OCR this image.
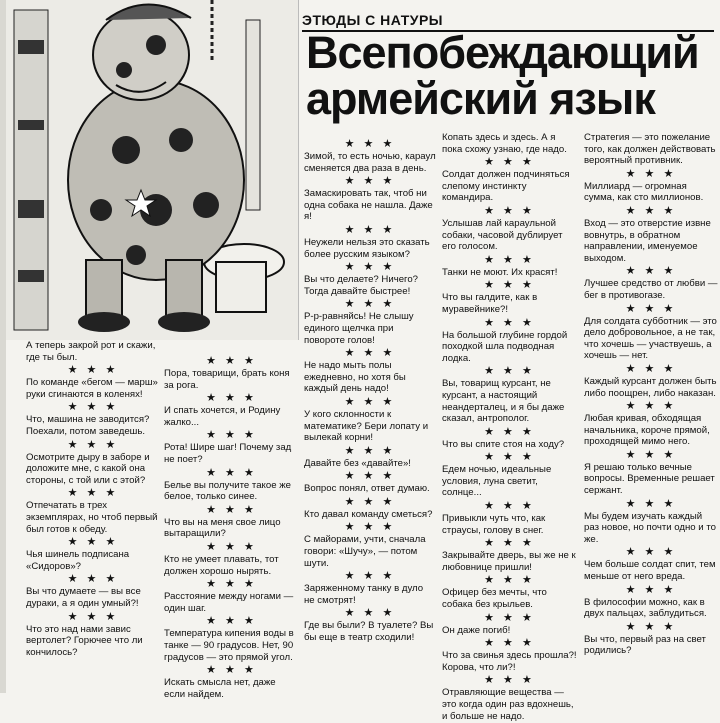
ЭТЮДЫ С НАТУРЫ
Всепобеждающий
армейский язык

А теперь закрой рот и скажи, где ты был.

★ ★ ★

По команде «бегом — марш» руки сгинаются в коленях!

★ ★ ★

Что, машина не заводится? Поехали, потом заведешь.

★ ★ ★

Осмотрите дыру в заборе и доложите мне, с какой она стороны, с той или с этой?

★ ★ ★

Отпечатать в трех экземплярах, но чтоб первый был готов к обеду.

★ ★ ★

Чья шинель подписана «Сидоров»?

★ ★ ★

Вы что думаете — вы все дураки, а я один умный?!

★ ★ ★

Что это над нами завис вертолет? Горючее что ли кончилось?

★ ★ ★

Пора, товарищи, брать коня за рога.

★ ★ ★

И спать хочется, и Родину жалко...

★ ★ ★

Рота! Шире шаг! Почему зад не поет?

★ ★ ★

Белье вы получите такое же белое, только синее.

★ ★ ★

Что вы на меня свое лицо вытаращили?

★ ★ ★

Кто не умеет плавать, тот должен хорошо нырять.

★ ★ ★

Расстояние между ногами — один шаг.

★ ★ ★

Температура кипения воды в танке — 90 градусов. Нет, 90 градусов — это прямой угол.

★ ★ ★

Искать смысла нет, даже если найдем.

★ ★ ★

Зимой, то есть ночью, караул сменяется два раза в день.

★ ★ ★

Замаскировать так, чтоб ни одна собака не нашла. Даже я!

★ ★ ★

Неужели нельзя это сказать более русским языком?

★ ★ ★

Вы что делаете? Ничего? Тогда давайте быстрее!

★ ★ ★

Р-р-равняйсь! Не слышу единого щелчка при повороте голов!

★ ★ ★

Не надо мыть полы ежедневно, но хотя бы каждый день надо!

★ ★ ★

У кого склонности к математике? Бери лопату и вылекай корни!

★ ★ ★

Давайте без «давайте»!

★ ★ ★

Вопрос понял, ответ думаю.

★ ★ ★

Кто давал команду сметься?

★ ★ ★

С майорами, учти, сначала говори: «Шучу», — потом шути.

★ ★ ★

Заряженному танку в дуло не смотрят!

★ ★ ★

Где вы были? В туалете? Вы бы еще в театр сходили!

Копать здесь и здесь. А я пока схожу узнаю, где надо.

★ ★ ★

Солдат должен подчиняться слепому инстинкту командира.

★ ★ ★

Услышав лай караульной собаки, часовой дублирует его голосом.

★ ★ ★

Танки не моют. Их красят!

★ ★ ★

Что вы галдите, как в муравейнике?!

★ ★ ★

На большой глубине гордой походкой шла подводная лодка.

★ ★ ★

Вы, товарищ курсант, не курсант, а настоящий неандерталец, и я бы даже сказал, антрополог.

★ ★ ★

Что вы спите стоя на ходу?

★ ★ ★

Едем ночью, идеальные условия, луна светит, солнце...

★ ★ ★

Привыкли чуть что, как страусы, голову в снег.

★ ★ ★

Закрывайте дверь, вы же не к любовнице пришли!

★ ★ ★

Офицер без мечты, что собака без крыльев.

★ ★ ★

Он даже погиб!

★ ★ ★

Что за свинья здесь прошла?! Корова, что ли?!

★ ★ ★

Отравляющие вещества — это когда один раз вдохнешь, и больше не надо.

Стратегия — это пожелание того, как должен действовать вероятный противник.

★ ★ ★

Миллиард — огромная сумма, как сто миллионов.

★ ★ ★

Вход — это отверстие извне вовнутрь, в обратном направлении, именуемое выходом.

★ ★ ★

Лучшее средство от любви — бег в противогазе.

★ ★ ★

Для солдата субботник — это дело добровольное, а не так, что хочешь — участвуешь, а хочешь — нет.

★ ★ ★

Каждый курсант должен быть либо поощрен, либо наказан.

★ ★ ★

Любая кривая, обходящая начальника, короче прямой, проходящей мимо него.

★ ★ ★

Я решаю только вечные вопросы. Временные решает сержант.

★ ★ ★

Мы будем изучать каждый раз новое, но почти одно и то же.

★ ★ ★

Чем больше солдат спит, тем меньше от него вреда.

★ ★ ★

В философии можно, как в двух пальцах, заблудиться.

★ ★ ★

Вы что, первый раз на свет родились?
